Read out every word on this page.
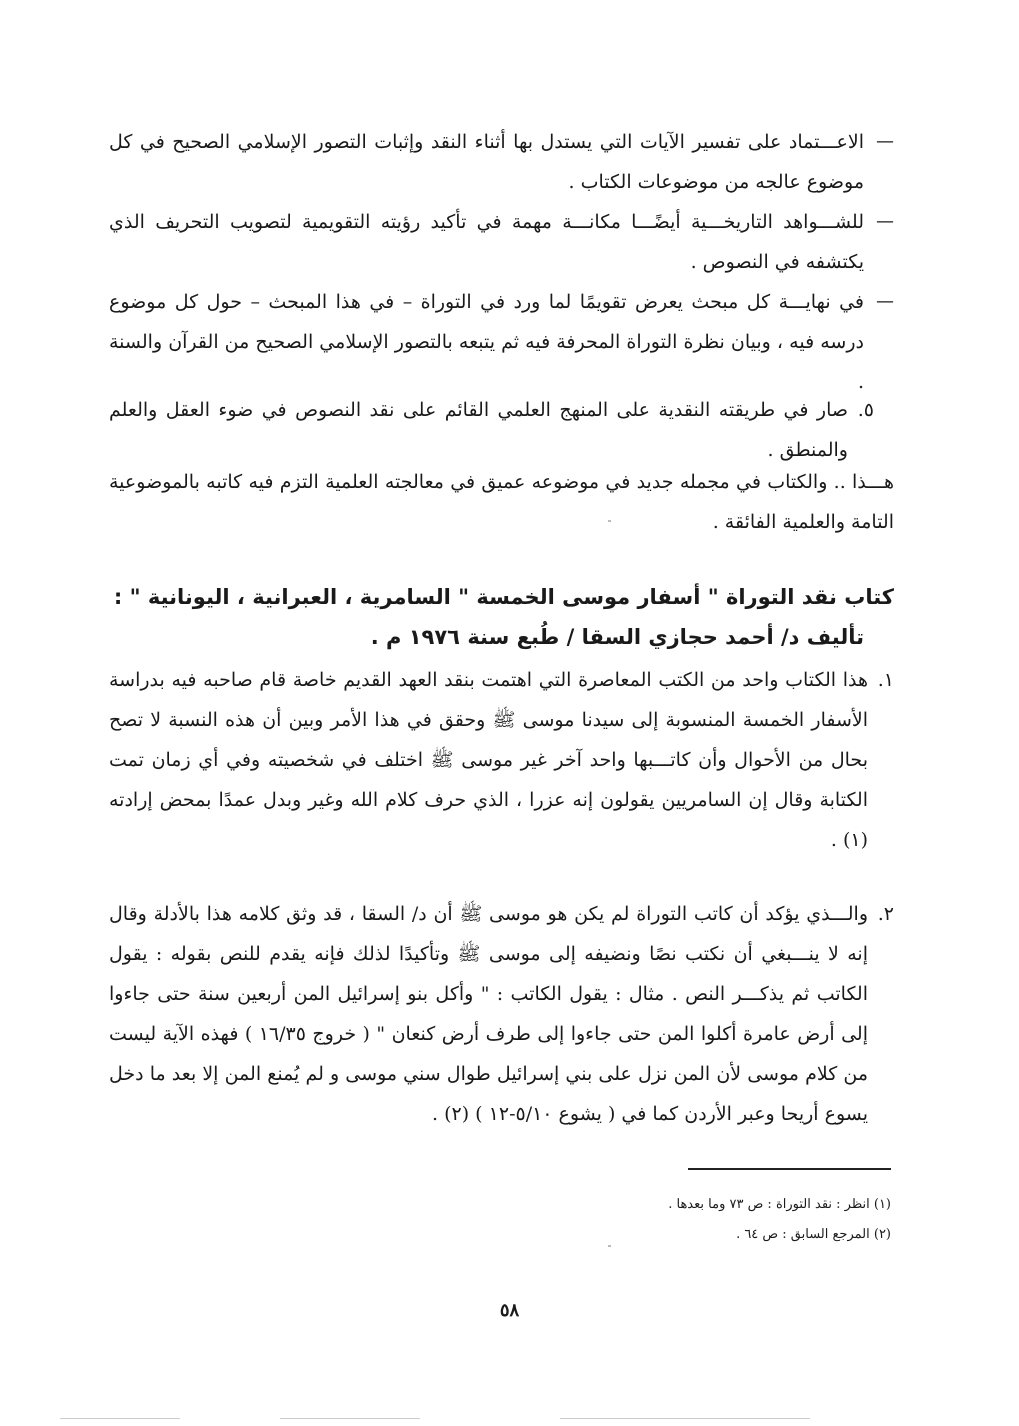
—
الاعـــتماد على تفسير الآيات التي يستدل بها أثناء النقد وإثبات التصور الإسلامي الصحيح في كل موضوع عالجه من موضوعات الكتاب .
—
للشـــواهد التاريخـــية أيضًـــا مكانـــة مهمة في تأكيد رؤيته التقويمية لتصويب التحريف الذي يكتشفه في النصوص .
—
في نهايـــة كل مبحث يعرض تقويمًا لما ورد في التوراة – في هذا المبحث – حول كل موضوع درسه فيه ، وبيان نظرة التوراة المحرفة فيه ثم يتبعه بالتصور الإسلامي الصحيح من القرآن والسنة .
٥.
صار في طريقته النقدية على المنهج العلمي القائم على نقد النصوص في ضوء العقل والعلم والمنطق .
هـــذا .. والكتاب في مجمله جديد في موضوعه عميق في معالجته العلمية التزم فيه كاتبه بالموضوعية التامة والعلمية الفائقة .
كتاب نقد التوراة " أسفار موسى الخمسة " السامرية ، العبرانية ، اليونانية " :
تأليف د/ أحمد حجازي السقا / طُبع سنة ١٩٧٦ م .
١.
هذا الكتاب واحد من الكتب المعاصرة التي اهتمت بنقد العهد القديم خاصة قام صاحبه فيه بدراسة الأسفار الخمسة المنسوبة إلى سيدنا موسى ﷺ وحقق في هذا الأمر وبين أن هذه النسبة لا تصح بحال من الأحوال وأن كاتـــبها واحد آخر غير موسى ﷺ اختلف في شخصيته وفي أي زمان تمت الكتابة وقال إن السامريين يقولون إنه عزرا ، الذي حرف كلام الله وغير وبدل عمدًا بمحض إرادته (١) .
٢.
والـــذي يؤكد أن كاتب التوراة لم يكن هو موسى ﷺ أن د/ السقا ، قد وثق كلامه هذا بالأدلة وقال إنه لا ينـــبغي أن نكتب نصًا ونضيفه إلى موسى ﷺ وتأكيدًا لذلك فإنه يقدم للنص بقوله : يقول الكاتب ثم يذكـــر النص . مثال : يقول الكاتب : " وأكل بنو إسرائيل المن أربعين سنة حتى جاءوا إلى أرض عامرة أكلوا المن حتى جاءوا إلى طرف أرض كنعان " ( خروج ١٦/٣٥ ) فهذه الآية ليست من كلام موسى لأن المن نزل على بني إسرائيل طوال سني موسى و لم يُمنع المن إلا بعد ما دخل يسوع أريحا وعبر الأردن كما في ( يشوع ٥/١٠-١٢ ) (٢) .
(١) انظر : نقد التوراة : ص ٧٣ وما بعدها .
(٢) المرجع السابق : ص ٦٤ .
٥٨
